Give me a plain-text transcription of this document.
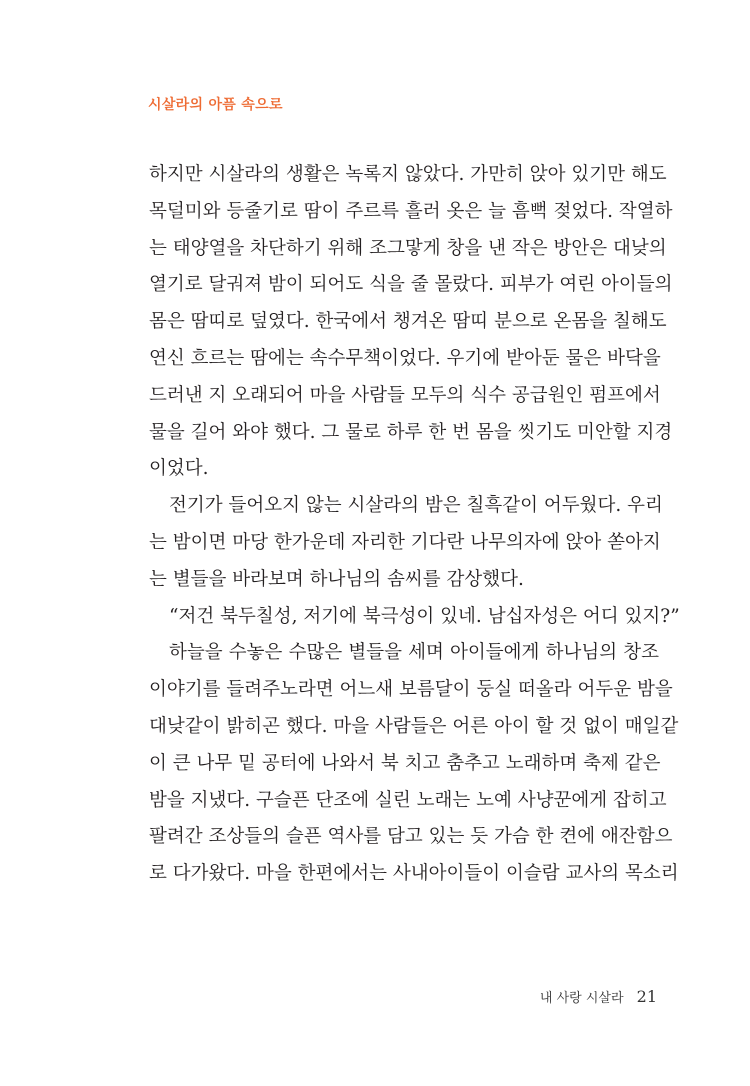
시살라의 아픔 속으로
하지만 시살라의 생활은 녹록지 않았다. 가만히 앉아 있기만 해도
목덜미와 등줄기로 땀이 주르륵 흘러 옷은 늘 흠뻑 젖었다. 작열하
는 태양열을 차단하기 위해 조그맣게 창을 낸 작은 방안은 대낮의
열기로 달궈져 밤이 되어도 식을 줄 몰랐다. 피부가 여린 아이들의
몸은 땀띠로 덮였다. 한국에서 챙겨온 땀띠 분으로 온몸을 칠해도
연신 흐르는 땀에는 속수무책이었다. 우기에 받아둔 물은 바닥을
드러낸 지 오래되어 마을 사람들 모두의 식수 공급원인 펌프에서
물을 길어 와야 했다. 그 물로 하루 한 번 몸을 씻기도 미안할 지경
이었다.
전기가 들어오지 않는 시살라의 밤은 칠흑같이 어두웠다. 우리
는 밤이면 마당 한가운데 자리한 기다란 나무의자에 앉아 쏟아지
는 별들을 바라보며 하나님의 솜씨를 감상했다.
“저건 북두칠성, 저기에 북극성이 있네. 남십자성은 어디 있지?”
하늘을 수놓은 수많은 별들을 세며 아이들에게 하나님의 창조
이야기를 들려주노라면 어느새 보름달이 둥실 떠올라 어두운 밤을
대낮같이 밝히곤 했다. 마을 사람들은 어른 아이 할 것 없이 매일같
이 큰 나무 밑 공터에 나와서 북 치고 춤추고 노래하며 축제 같은
밤을 지냈다. 구슬픈 단조에 실린 노래는 노예 사냥꾼에게 잡히고
팔려간 조상들의 슬픈 역사를 담고 있는 듯 가슴 한 켠에 애잔함으
로 다가왔다. 마을 한편에서는 사내아이들이 이슬람 교사의 목소리
내 사랑 시살라 21
